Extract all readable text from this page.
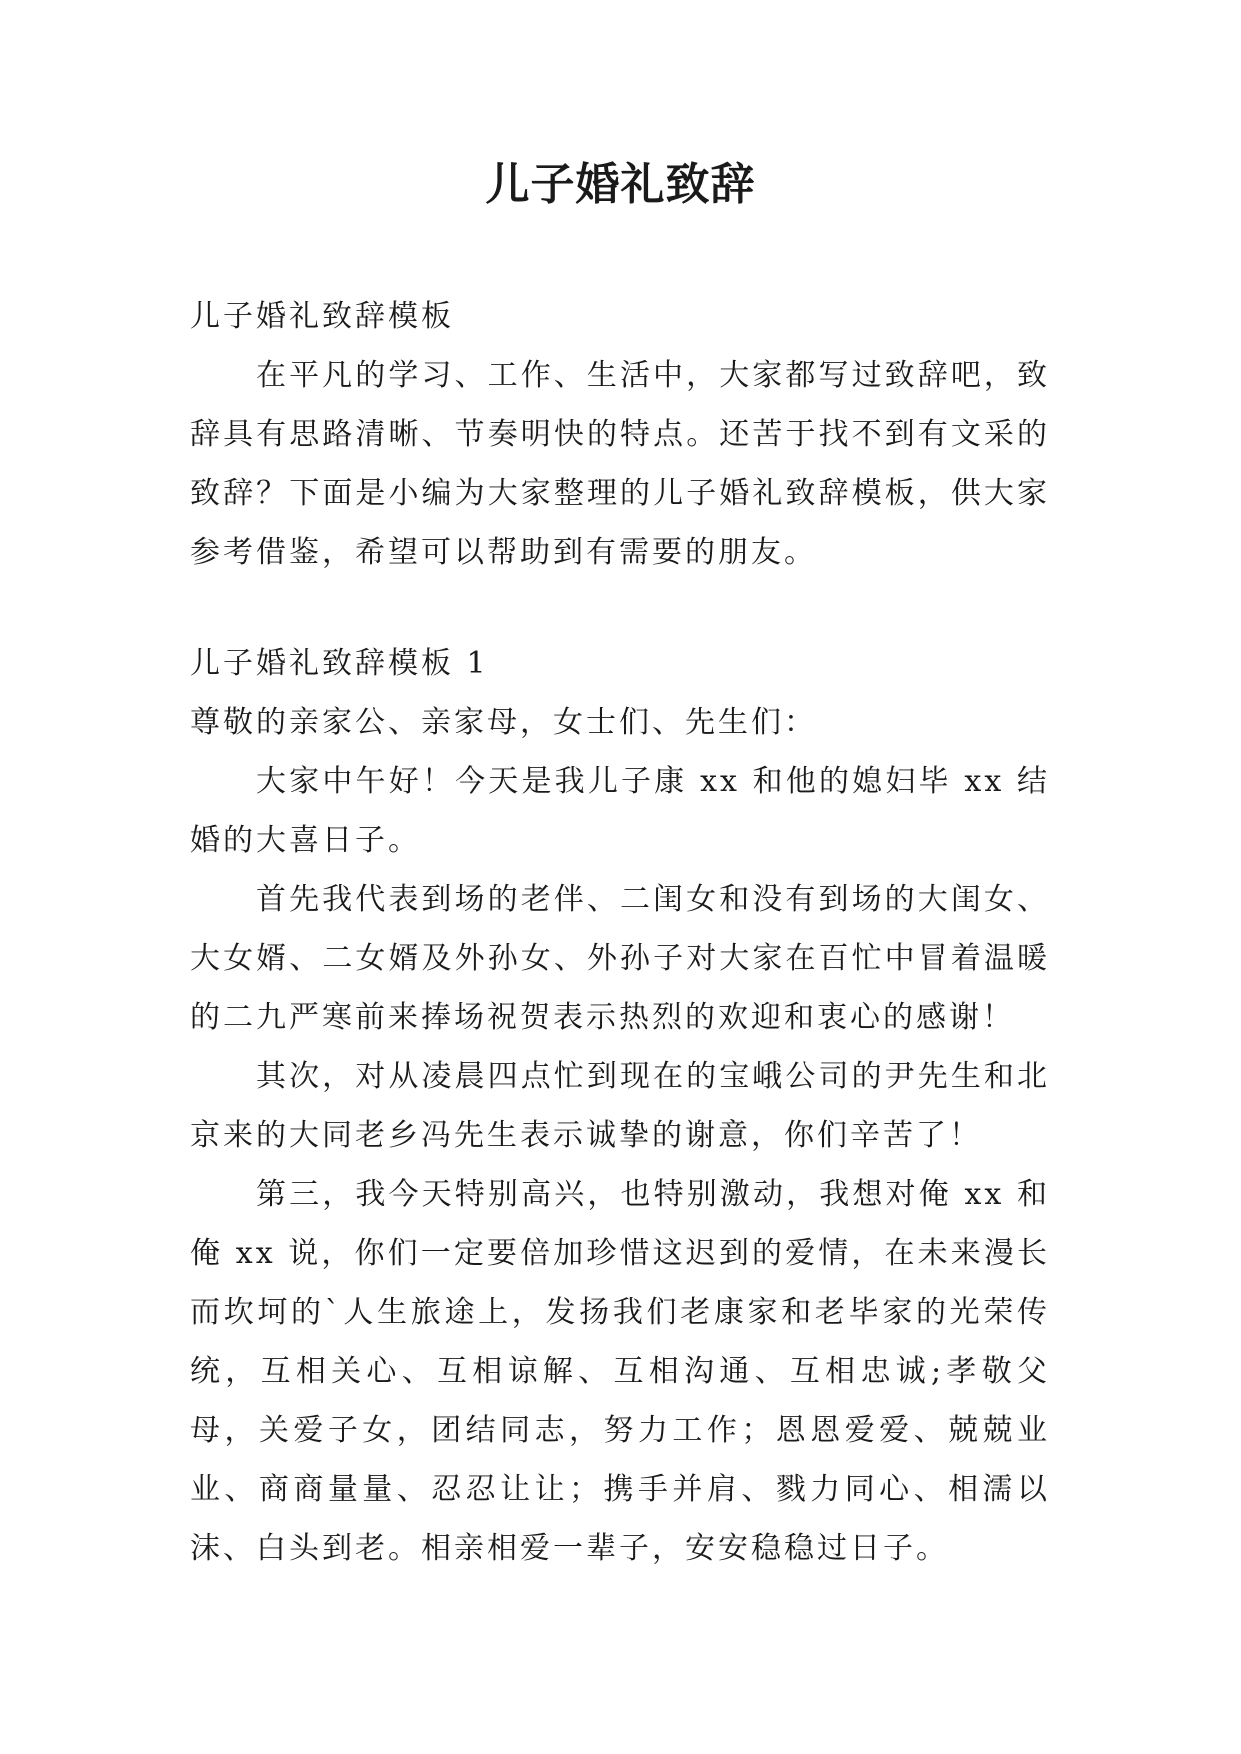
儿子婚礼致辞

儿子婚礼致辞模板

在平凡的学习、工作、生活中，大家都写过致辞吧，致辞具有思路清晰、节奏明快的特点。还苦于找不到有文采的致辞？下面是小编为大家整理的儿子婚礼致辞模板，供大家参考借鉴，希望可以帮助到有需要的朋友。

儿子婚礼致辞模板 1

尊敬的亲家公、亲家母，女士们、先生们：

大家中午好！今天是我儿子康 xx 和他的媳妇毕 xx 结婚的大喜日子。

首先我代表到场的老伴、二闺女和没有到场的大闺女、大女婿、二女婿及外孙女、外孙子对大家在百忙中冒着温暖的二九严寒前来捧场祝贺表示热烈的欢迎和衷心的感谢！

其次，对从凌晨四点忙到现在的宝峨公司的尹先生和北京来的大同老乡冯先生表示诚挚的谢意，你们辛苦了！

第三，我今天特别高兴，也特别激动，我想对俺 xx 和俺 xx 说，你们一定要倍加珍惜这迟到的爱情，在未来漫长而坎坷的`人生旅途上，发扬我们老康家和老毕家的光荣传统，互相关心、互相谅解、互相沟通、互相忠诚;孝敬父母，关爱子女，团结同志，努力工作；恩恩爱爱、兢兢业业、商商量量、忍忍让让；携手并肩、戮力同心、相濡以沫、白头到老。相亲相爱一辈子，安安稳稳过日子。
